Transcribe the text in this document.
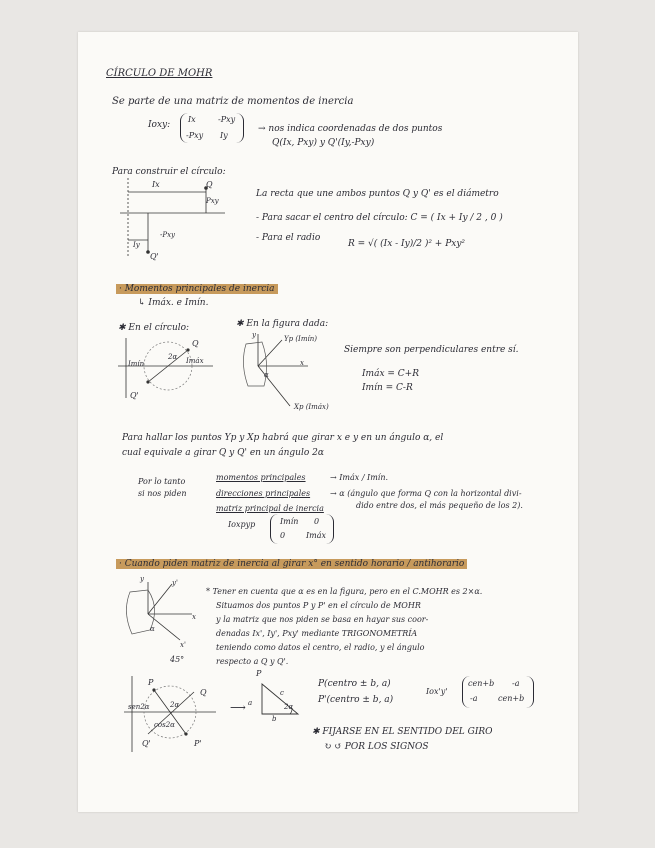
CÍRCULO DE MOHR
Se parte de una matriz de momentos de inercia
Ioxy:
Ix	-Pxy
-Pxy Iy
→ nos indica coordenadas de dos puntos
Q(Ix, Pxy) y Q'(Iy,-Pxy)
Para construir el círculo:
Ix	Q
Pxy
Iy
-Pxy
Q'
La recta que une ambos puntos Q y Q' es el diámetro
- Para sacar el centro del círculo: C = ( Ix + Iy / 2 , 0 )
- Para el radio
R = √( (Ix - Iy)/2 )² + Pxy²
· Momentos principales de inercia
↳ Imáx. e Imín.
✱ En el círculo:	✱ En la figura dada:
Imín	Imáx
2α
Q
Q'
Yp (Imín)
Xp (Imáx)
x
y
α
Siempre son perpendiculares entre sí.
Imáx = C+R
Imín = C-R
Para hallar los puntos Yp y Xp habrá que girar x e y en un ángulo α, el
cual equivale a girar Q y Q' en un ángulo 2α
Por lo tanto
si nos piden
momentos principales	→ Imáx / Imín.
direcciones principales → α (ángulo que forma Q con la horizontal divi-
dido entre dos, el más pequeño de los 2).
matriz principal de inercia
Ioxpyp	Imín 0
0	Imáx
· Cuando piden matriz de inercia al girar x° en sentido horario / antihorario
y	y'
x
x'
45°
α
* Tener en cuenta que α es en la figura, pero en el C.MOHR es 2×α.
Situamos dos puntos P y P' en el círculo de MOHR
y la matriz que nos piden se basa en hayar sus coor-
denadas Ix', Iy', Pxy' mediante TRIGONOMETRÍA
teniendo como datos el centro, el radio, y el ángulo
respecto a Q y Q'.
P
P'
Q
Q'
sen2α
cos2α
2α	⟶
P
a
b
c
2α
P(centro ± b, a)
P'(centro ± b, a)
Iox'y'
cen+b -a
-a	cen+b
✱ FIJARSE EN EL SENTIDO DEL GIRO
↻ ↺ POR LOS SIGNOS
